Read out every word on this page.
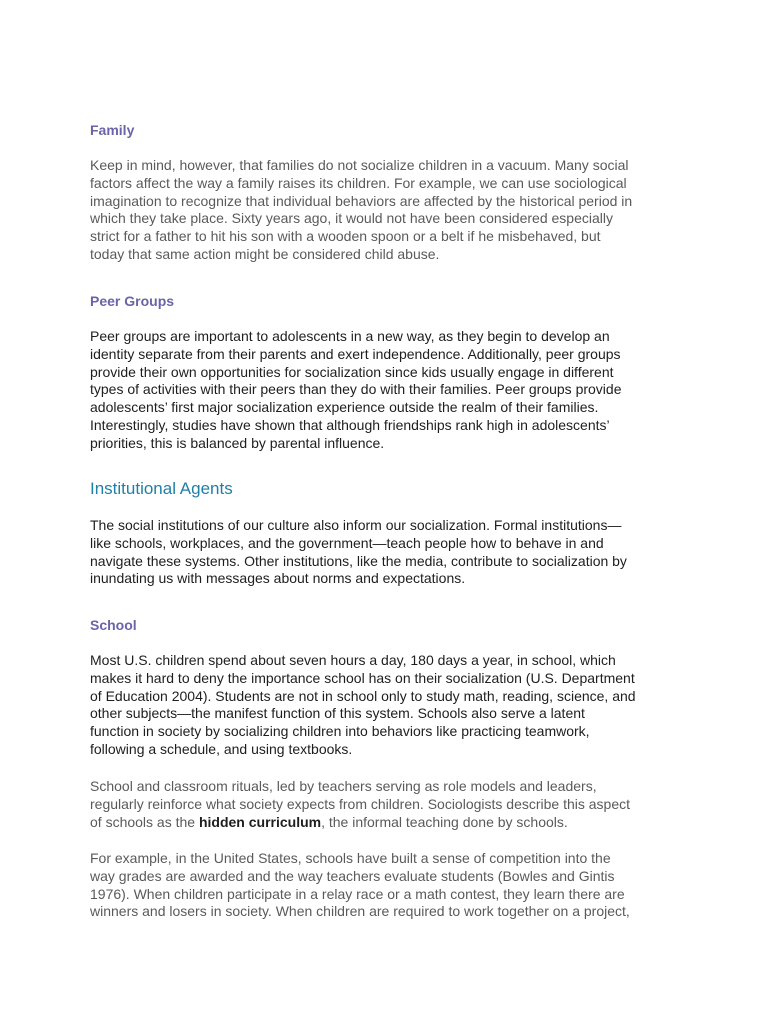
Family

Keep in mind, however, that families do not socialize children in a vacuum. Many social
factors affect the way a family raises its children. For example, we can use sociological
imagination to recognize that individual behaviors are affected by the historical period in
which they take place. Sixty years ago, it would not have been considered especially
strict for a father to hit his son with a wooden spoon or a belt if he misbehaved, but
today that same action might be considered child abuse.

Peer Groups

Peer groups are important to adolescents in a new way, as they begin to develop an
identity separate from their parents and exert independence. Additionally, peer groups
provide their own opportunities for socialization since kids usually engage in different
types of activities with their peers than they do with their families. Peer groups provide
adolescents’ first major socialization experience outside the realm of their families.
Interestingly, studies have shown that although friendships rank high in adolescents’
priorities, this is balanced by parental influence.

Institutional Agents

The social institutions of our culture also inform our socialization. Formal institutions—
like schools, workplaces, and the government—teach people how to behave in and
navigate these systems. Other institutions, like the media, contribute to socialization by
inundating us with messages about norms and expectations.

School

Most U.S. children spend about seven hours a day, 180 days a year, in school, which
makes it hard to deny the importance school has on their socialization (U.S. Department
of Education 2004). Students are not in school only to study math, reading, science, and
other subjects—the manifest function of this system. Schools also serve a latent
function in society by socializing children into behaviors like practicing teamwork,
following a schedule, and using textbooks.

School and classroom rituals, led by teachers serving as role models and leaders,
regularly reinforce what society expects from children. Sociologists describe this aspect
of schools as the hidden curriculum, the informal teaching done by schools.

For example, in the United States, schools have built a sense of competition into the
way grades are awarded and the way teachers evaluate students (Bowles and Gintis
1976). When children participate in a relay race or a math contest, they learn there are
winners and losers in society. When children are required to work together on a project,
